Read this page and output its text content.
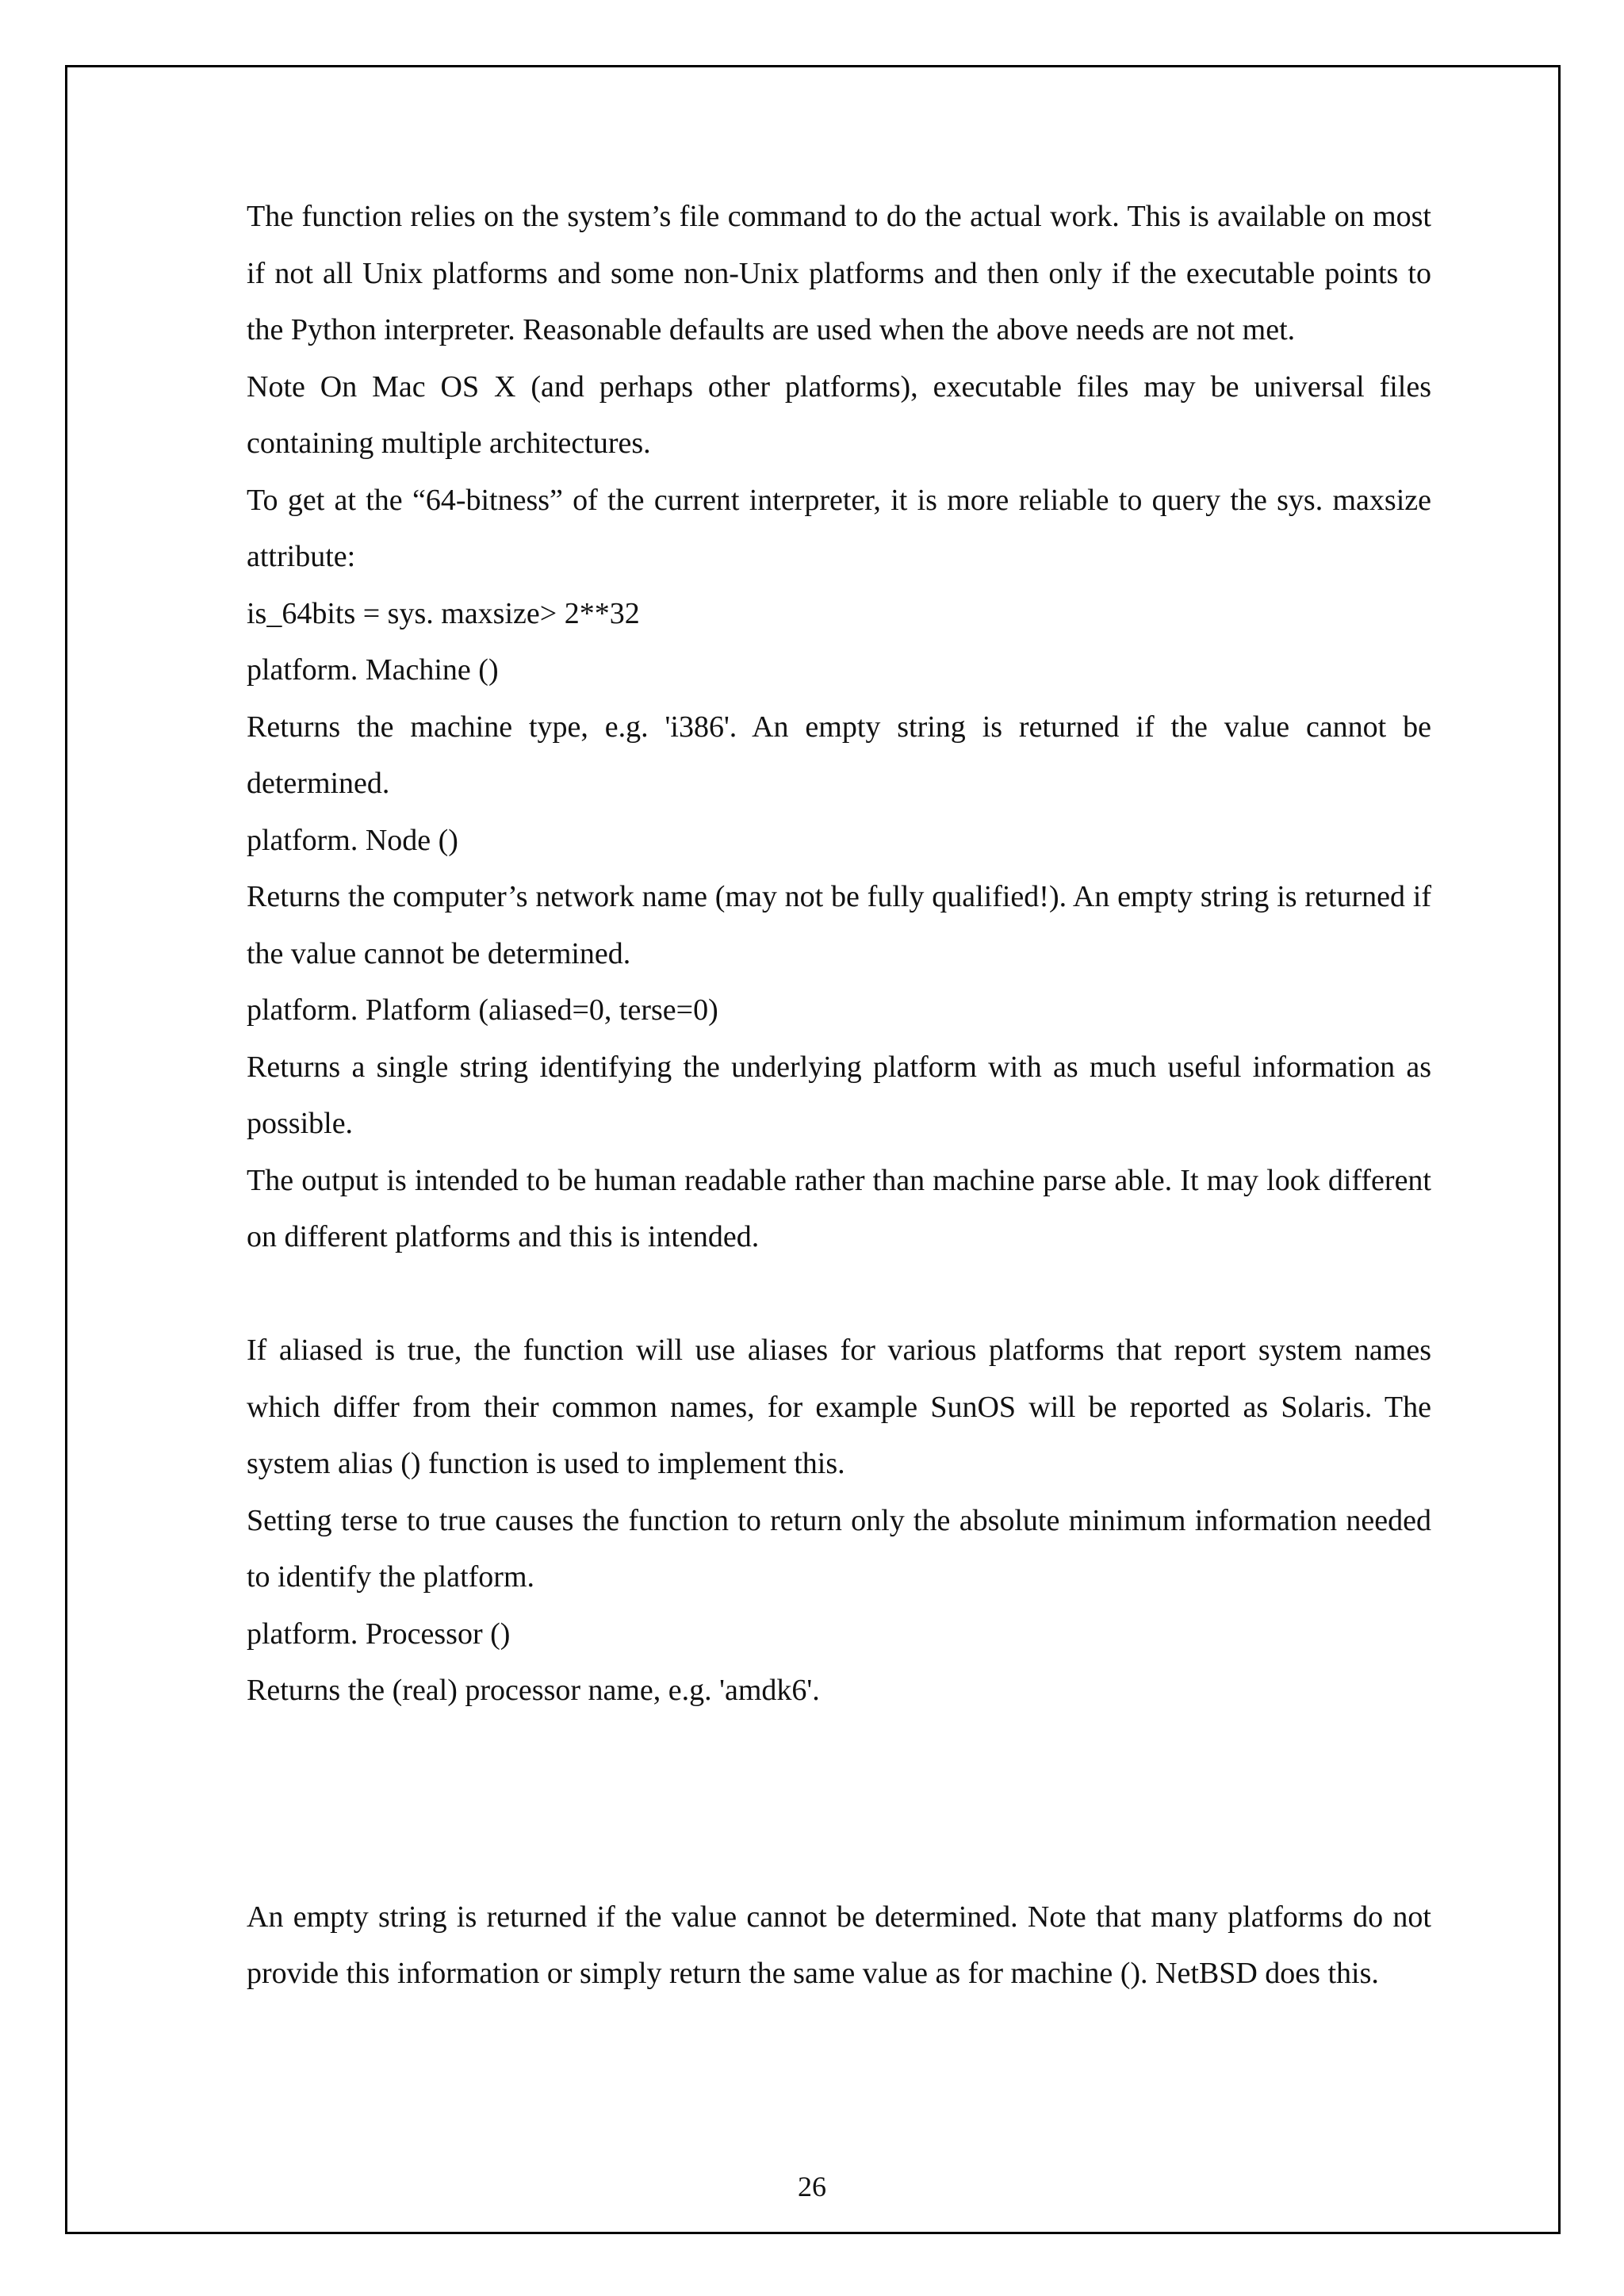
The function relies on the system’s file command to do the actual work. This is available on most if not all Unix platforms and some non-Unix platforms and then only if the executable points to the Python interpreter. Reasonable defaults are used when the above needs are not met.

Note On Mac OS X (and perhaps other platforms), executable files may be universal files containing multiple architectures.

To get at the “64-bitness” of the current interpreter, it is more reliable to query the sys. maxsize attribute:

is_64bits = sys. maxsize> 2**32

platform. Machine ()

Returns the machine type, e.g. 'i386'. An empty string is returned if the value cannot be determined.

platform. Node ()

Returns the computer’s network name (may not be fully qualified!). An empty string is returned if the value cannot be determined.

platform. Platform (aliased=0, terse=0)

Returns a single string identifying the underlying platform with as much useful information as possible.

The output is intended to be human readable rather than machine parse able. It may look different on different platforms and this is intended.

If aliased is true, the function will use aliases for various platforms that report system names which differ from their common names, for example SunOS will be reported as Solaris. The system alias () function is used to implement this.

Setting terse to true causes the function to return only the absolute minimum information needed to identify the platform.

platform. Processor ()

Returns the (real) processor name, e.g. 'amdk6'.

An empty string is returned if the value cannot be determined. Note that many platforms do not provide this information or simply return the same value as for machine (). NetBSD does this.

26
